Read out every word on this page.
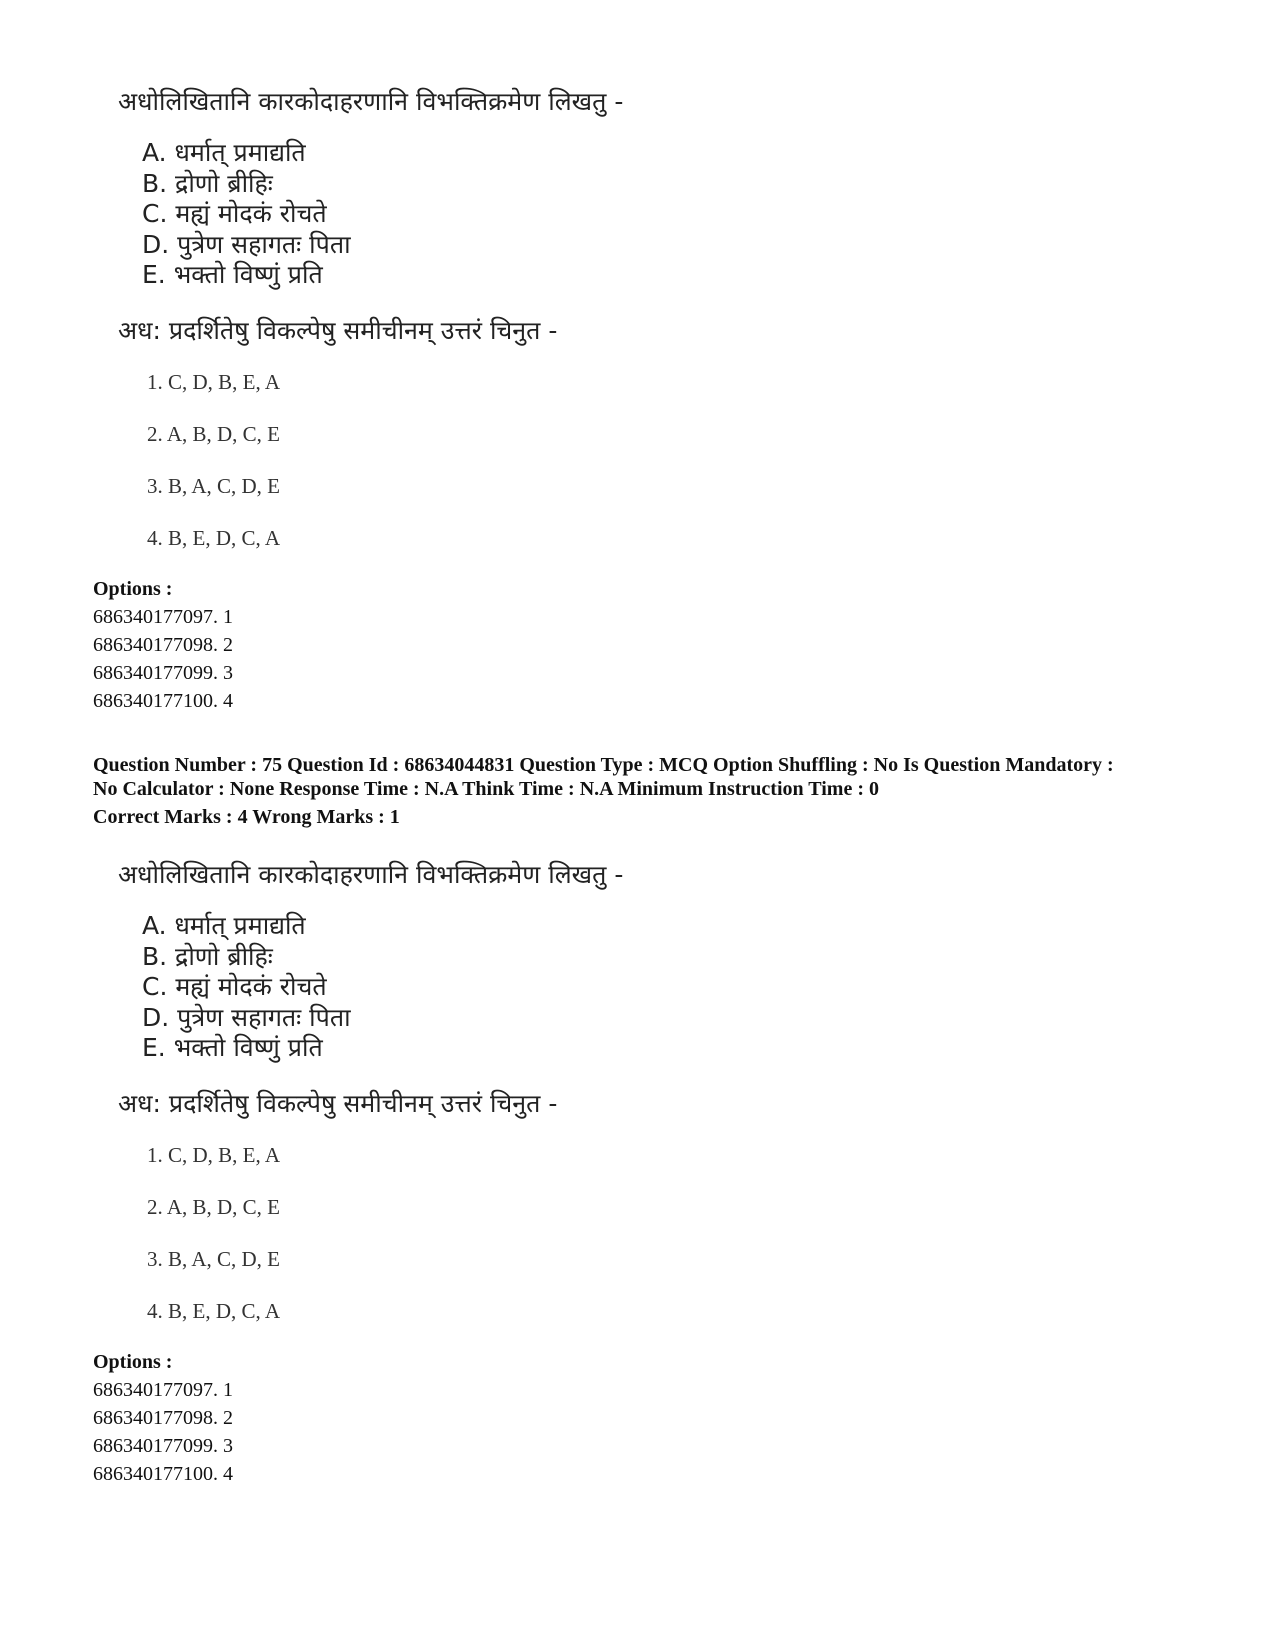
अधोलिखितानि कारकोदाहरणानि विभक्तिक्रमेण लिखतु -
A. धर्मात् प्रमाद्यति
B. द्रोणो ब्रीहिः
C. मह्यं मोदकं रोचते
D. पुत्रेण सहागतः पिता
E. भक्तो विष्णुं प्रति
अध: प्रदर्शितेषु विकल्पेषु समीचीनम् उत्तरं चिनुत -
1. C, D, B, E, A
2. A, B, D, C, E
3. B, A, C, D, E
4. B, E, D, C, A
Options :
686340177097. 1
686340177098. 2
686340177099. 3
686340177100. 4
Question Number : 75 Question Id : 68634044831 Question Type : MCQ Option Shuffling : No Is Question Mandatory :
No Calculator : None Response Time : N.A Think Time : N.A Minimum Instruction Time : 0
Correct Marks : 4 Wrong Marks : 1
अधोलिखितानि कारकोदाहरणानि विभक्तिक्रमेण लिखतु -
A. धर्मात् प्रमाद्यति
B. द्रोणो ब्रीहिः
C. मह्यं मोदकं रोचते
D. पुत्रेण सहागतः पिता
E. भक्तो विष्णुं प्रति
अध: प्रदर्शितेषु विकल्पेषु समीचीनम् उत्तरं चिनुत -
1. C, D, B, E, A
2. A, B, D, C, E
3. B, A, C, D, E
4. B, E, D, C, A
Options :
686340177097. 1
686340177098. 2
686340177099. 3
686340177100. 4
